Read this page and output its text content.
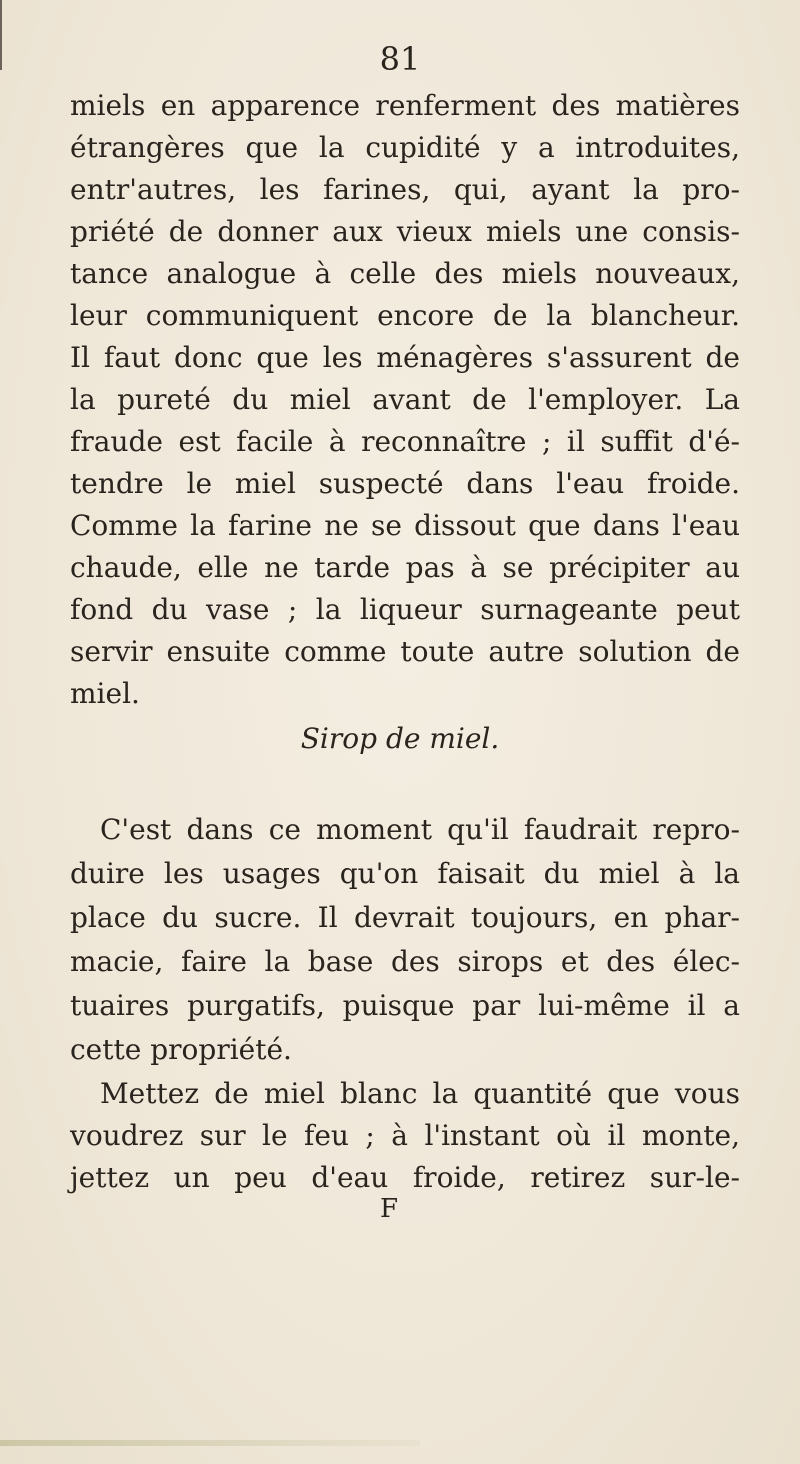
81
miels en apparence renferment des matières
étrangères que la cupidité y a introduites,
entr'autres, les farines, qui, ayant la pro-
priété de donner aux vieux miels une consis-
tance analogue à celle des miels nouveaux,
leur communiquent encore de la blancheur.
Il faut donc que les ménagères s'assurent de
la pureté du miel avant de l'employer. La
fraude est facile à reconnaître ; il suffit d'é-
tendre le miel suspecté dans l'eau froide.
Comme la farine ne se dissout que dans l'eau
chaude, elle ne tarde pas à se précipiter au
fond du vase ; la liqueur surnageante peut
servir ensuite comme toute autre solution de
miel.
Sirop de miel.
C'est dans ce moment qu'il faudrait repro-
duire les usages qu'on faisait du miel à la
place du sucre. Il devrait toujours, en phar-
macie, faire la base des sirops et des élec-
tuaires purgatifs, puisque par lui-même il a
cette propriété.
Mettez de miel blanc la quantité que vous
voudrez sur le feu ; à l'instant où il monte,
jettez un peu d'eau froide, retirez sur-le-
F
